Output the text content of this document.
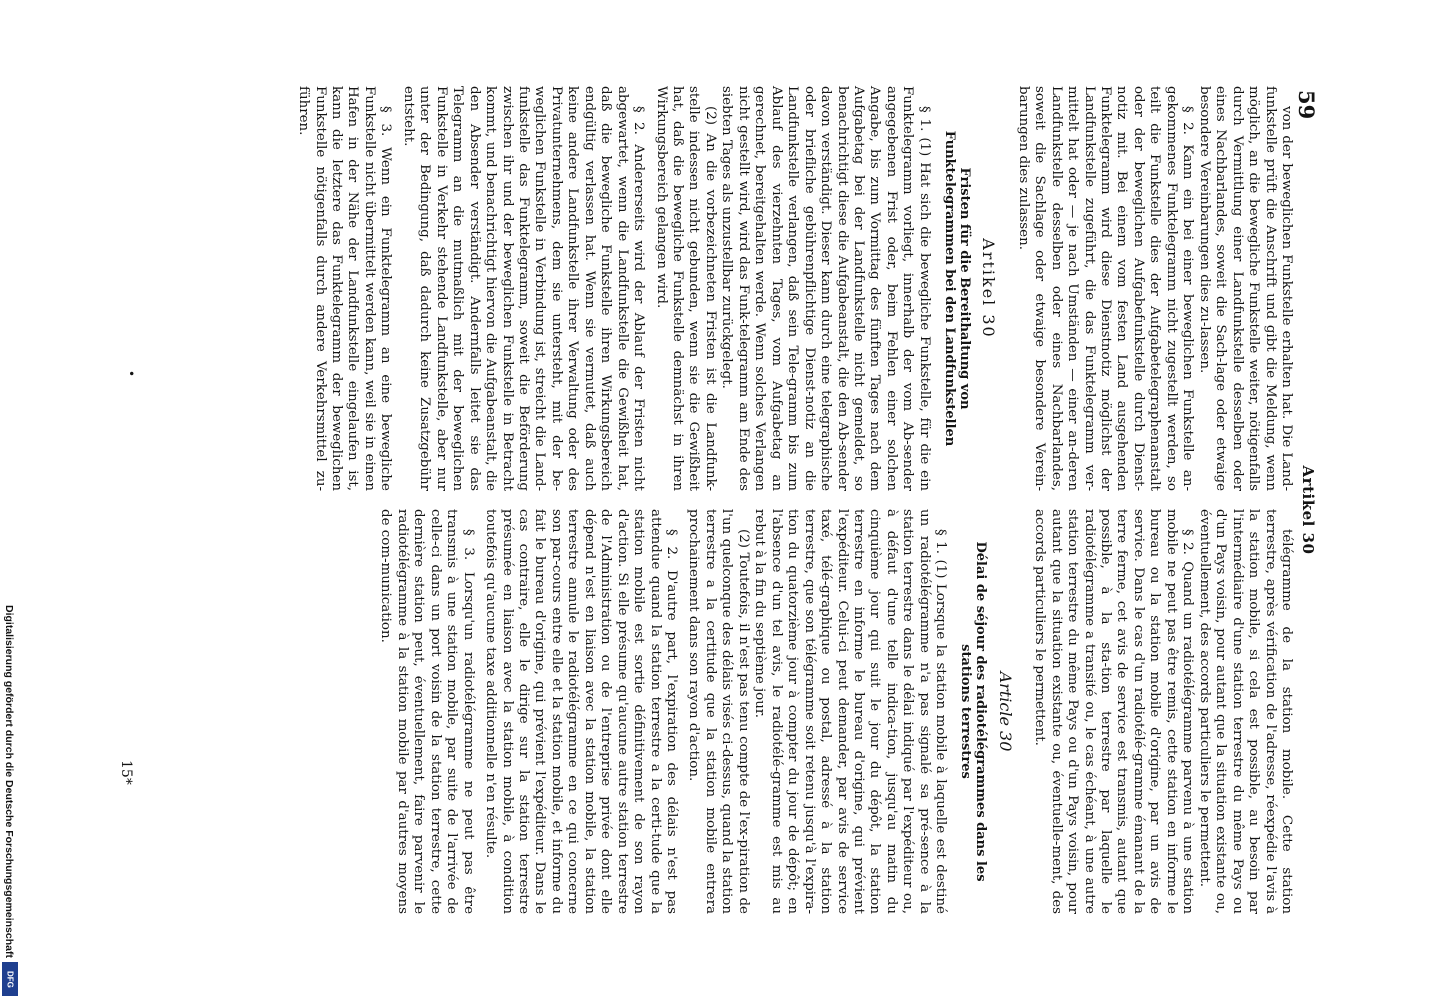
59
Artikel 30

von der beweglichen Funkstelle erhalten hat. Die Land-funkstelle prüft die Anschrift und gibt die Meldung, wenn möglich, an die bewegliche Funkstelle weiter, nötigenfalls durch Vermittlung einer Landfunkstelle desselben oder eines Nachbarlandes, soweit die Sach-lage oder etwaige besondere Vereinbarungen dies zu-lassen.

§ 2. Kann ein bei einer beweglichen Funkstelle an-gekommenes Funktelegramm nicht zugestellt werden, so teilt die Funkstelle dies der Aufgabetelegraphenanstalt oder der beweglichen Aufgabefunkstelle durch Dienst-notiz mit. Bei einem vom festen Land ausgehenden Funktelegramm wird diese Dienstnotiz möglichst der Landfunkstelle zugeführt, die das Funktelegramm ver-mittelt hat oder — je nach Umständen — einer an-deren Landfunkstelle desselben oder eines Nachbarlandes, soweit die Sachlage oder etwaige besondere Verein-barungen dies zulassen.

Artikel 30
Fristen für die Bereithaltung von Funktelegrammen bei den Landfunkstellen

§ 1. (1) Hat sich die bewegliche Funkstelle, für die ein Funktelegramm vorliegt, innerhalb der vom Ab-sender angegebenen Frist oder, beim Fehlen einer solchen Angabe, bis zum Vormittag des fünften Tages nach dem Aufgabetag bei der Landfunkstelle nicht gemeldet, so benachrichtigt diese die Aufgabeanstalt, die den Ab-sender davon verständigt. Dieser kann durch eine telegraphische oder briefliche gebührenpflichtige Dienst-notiz an die Landfunkstelle verlangen, daß sein Tele-gramm bis zum Ablauf des vierzehnten Tages, vom Aufgabetag an gerechnet, bereitgehalten werde. Wenn solches Verlangen nicht gestellt wird, wird das Funk-telegramm am Ende des siebten Tages als unzustellbar zurückgelegt.

(2) An die vorbezeichneten Fristen ist die Landfunk-stelle indessen nicht gebunden, wenn sie die Gewißheit hat, daß die bewegliche Funkstelle demnächst in ihren Wirkungsbereich gelangen wird.

§ 2. Andererseits wird der Ablauf der Fristen nicht abgewartet, wenn die Landfunkstelle die Gewißheit hat, daß die bewegliche Funkstelle ihren Wirkungsbereich endgültig verlassen hat. Wenn sie vermutet, daß auch keine andere Landfunkstelle ihrer Verwaltung oder des Privatunternehmens, dem sie untersteht, mit der be-weglichen Funkstelle in Verbindung ist, streicht die Land-funkstelle das Funktelegramm, soweit die Beförderung zwischen ihr und der beweglichen Funkstelle in Betracht kommt, und benachrichtigt hiervon die Aufgabeanstalt, die den Absender verständigt. Andernfalls leitet sie das Telegramm an die mutmaßlich mit der beweglichen Funkstelle in Verkehr stehende Landfunkstelle, aber nur unter der Bedingung, daß dadurch keine Zusatzgebühr entsteht.

§ 3. Wenn ein Funktelegramm an eine bewegliche Funkstelle nicht übermittelt werden kann, weil sie in einen Hafen in der Nähe der Landfunkstelle eingelaufen ist, kann die letztere das Funktelegramm der beweglichen Funkstelle nötigenfalls durch andere Verkehrsmittel zu-führen.

télégramme de la station mobile. Cette station terrestre, après vérification de l'adresse, réexpédie l'avis à la station mobile, si cela est possible, au besoin par l'intermédiaire d'une station terrestre du même Pays ou d'un Pays voisin, pour autant que la situation existante ou, éventuellement, des accords particuliers le permettent.

§ 2. Quand un radiotélégramme parvenu à une station mobile ne peut pas être remis, cette station en informe le bureau ou la station mobile d'origine, par un avis de service. Dans le cas d'un radiotélé-gramme émanant de la terre ferme, cet avis de service est transmis, autant que possible, à la sta-tion terrestre par laquelle le radiotélégramme a transité ou, le cas échéant, à une autre station terrestre du même Pays ou d'un Pays voisin, pour autant que la situation existante ou, éventuelle-ment, des accords particuliers le permettent.

Article 30
Délai de séjour des radiotélégrammes dans les stations terrestres

§ 1. (1) Lorsque la station mobile à laquelle est destiné un radiotélégramme n'a pas signalé sa pré-sence à la station terrestre dans le délai indiqué par l'expéditeur ou, à défaut d'une telle indica-tion, jusqu'au matin du cinquième jour qui suit le jour du dépôt, la station terrestre en informe le bureau d'origine, qui prévient l'expéditeur. Celui-ci peut demander, par avis de service taxé, télé-graphique ou postal, adressé à la station terrestre, que son télégramme soit retenu jusqu'à l'expira-tion du quatorzième jour à compter du jour de dépôt; en l'absence d'un tel avis, le radiotélé-gramme est mis au rebut à la fin du septième jour.

(2) Toutefois, il n'est pas tenu compte de l'ex-piration de l'un quelconque des délais visés ci-dessus, quand la station terrestre a la certitude que la station mobile entrera prochainement dans son rayon d'action.

§ 2. D'autre part, l'expiration des délais n'est pas attendue quand la station terrestre a la certi-tude que la station mobile est sortie définitivement de son rayon d'action. Si elle présume qu'aucune autre station terrestre de l'Administration ou de l'entreprise privée dont elle dépend n'est en liaison avec la station mobile, la station terrestre annule le radiotélégramme en ce qui concerne son par-cours entre elle et la station mobile, et informe du fait le bureau d'origine, qui prévient l'expéditeur. Dans le cas contraire, elle le dirige sur la station terrestre présumée en liaison avec la station mobile, à condition toutefois qu'aucune taxe additionnelle n'en résulte.

§ 3. Lorsqu'un radiotélégramme ne peut pas être transmis à une station mobile, par suite de l'arrivée de celle-ci dans un port voisin de la station terrestre, cette dernière station peut, éventuellement, faire parvenir le radiotélégramme à la station mobile par d'autres moyens de com-munication.

•
15*
Digitalisierung gefördert durch die Deutsche Forschungsgemeinschaft
DFG
